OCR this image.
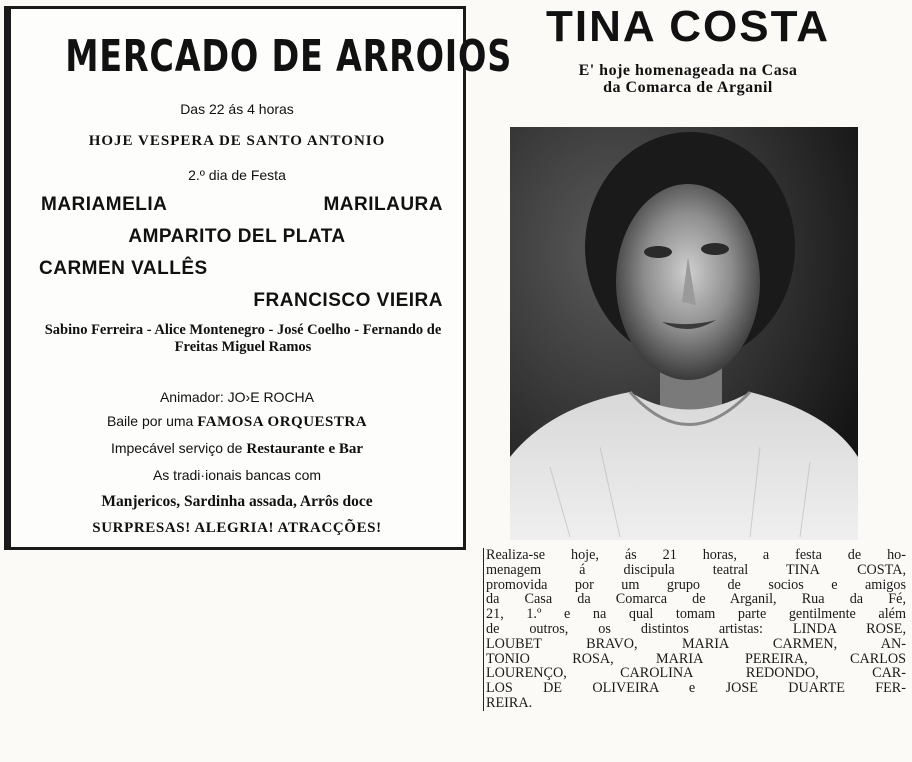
MERCADO DE ARROIOS
Das 22 ás 4 horas
HOJE VESPERA DE SANTO ANTONIO
2.º dia de Festa
MARIAMELIA	MARILAURA
AMPARITO DEL PLATA
CARMEN VALLÊS
FRANCISCO VIEIRA
Sabino Ferreira - Alice Montenegro - José Coelho - Fernando de Freitas Miguel Ramos
Animador: JO›E ROCHA
Baile por uma FAMOSA ORQUESTRA
Impecável serviço de Restaurante e Bar
As tradi·ionais bancas com
Manjericos, Sardinha assada, Arrôs doce
SURPRESAS! ALEGRIA! ATRACÇÕES!
TINA COSTA
E' hoje homenageada na Casa
da Comarca de Arganil
Realiza-se hoje, ás 21 horas, a festa de ho-
menagem á discipula teatral TINA COSTA,
promovida por um grupo de socios e amigos
da Casa da Comarca de Arganil, Rua da Fé,
21, 1.º e na qual tomam parte gentilmente além
de outros, os distintos artistas: LINDA ROSE,
LOUBET BRAVO, MARIA CARMEN, AN-
TONIO ROSA, MARIA PEREIRA, CARLOS
LOURENÇO, CAROLINA REDONDO, CAR-
LOS DE OLIVEIRA e JOSE DUARTE FER-
REIRA.
